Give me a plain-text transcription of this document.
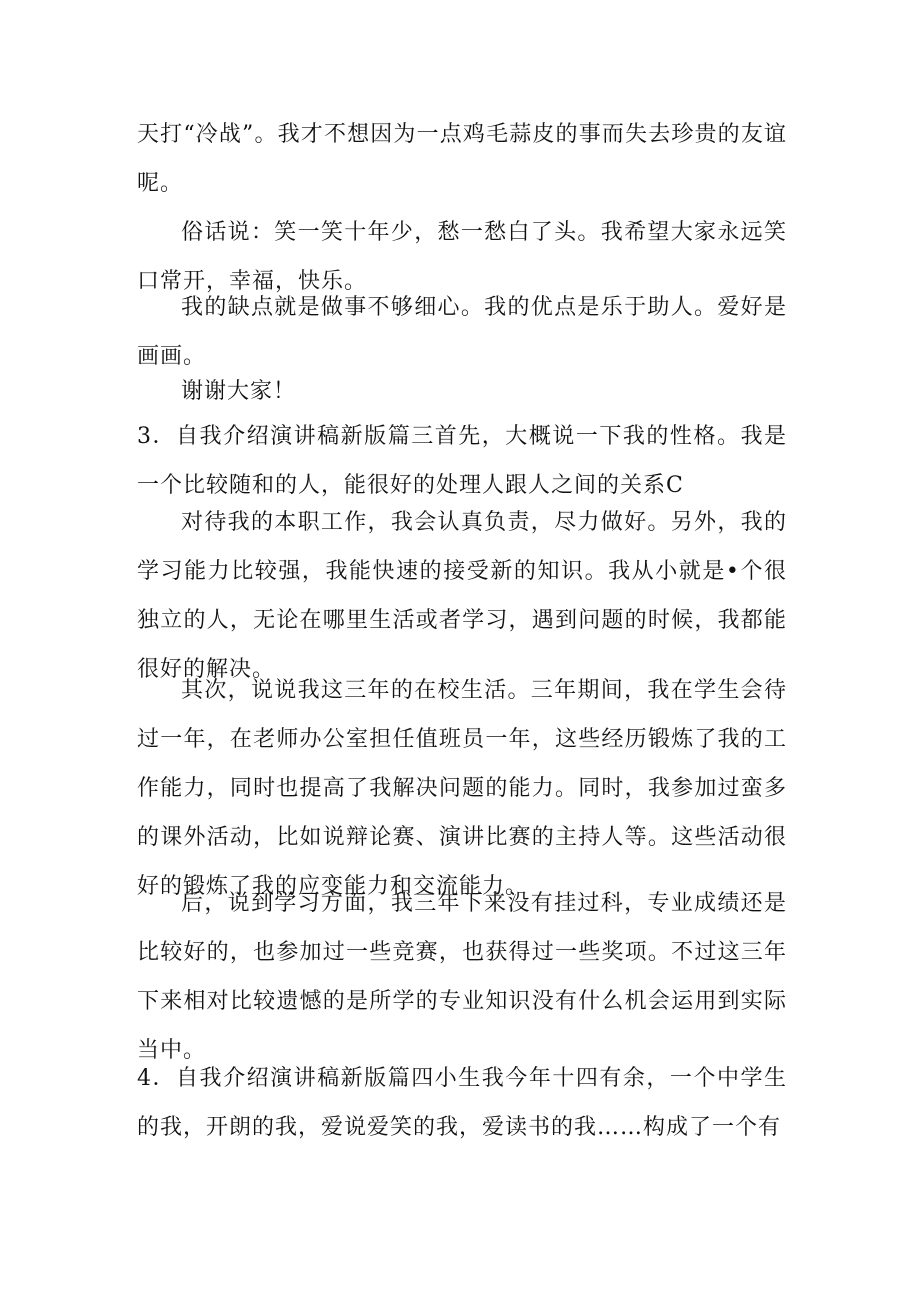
天打“冷战”。我才不想因为一点鸡毛蒜皮的事而失去珍贵的友谊呢。

俗话说：笑一笑十年少，愁一愁白了头。我希望大家永远笑口常开，幸福，快乐。

我的缺点就是做事不够细心。我的优点是乐于助人。爱好是画画。

谢谢大家！

3．自我介绍演讲稿新版篇三首先，大概说一下我的性格。我是一个比较随和的人，能很好的处理人跟人之间的关系C

对待我的本职工作，我会认真负责，尽力做好。另外，我的学习能力比较强，我能快速的接受新的知识。我从小就是•个很独立的人，无论在哪里生活或者学习，遇到问题的时候，我都能很好的解决。

其次，说说我这三年的在校生活。三年期间，我在学生会待过一年，在老师办公室担任值班员一年，这些经历锻炼了我的工作能力，同时也提高了我解决问题的能力。同时，我参加过蛮多的课外活动，比如说辩论赛、演讲比赛的主持人等。这些活动很好的锻炼了我的应变能力和交流能力。

后，说到学习方面，我三年下来没有挂过科，专业成绩还是比较好的，也参加过一些竞赛，也获得过一些奖项。不过这三年下来相对比较遗憾的是所学的专业知识没有什么机会运用到实际当中。

4．自我介绍演讲稿新版篇四小生我今年十四有余，一个中学生的我，开朗的我，爱说爱笑的我，爱读书的我……构成了一个有
